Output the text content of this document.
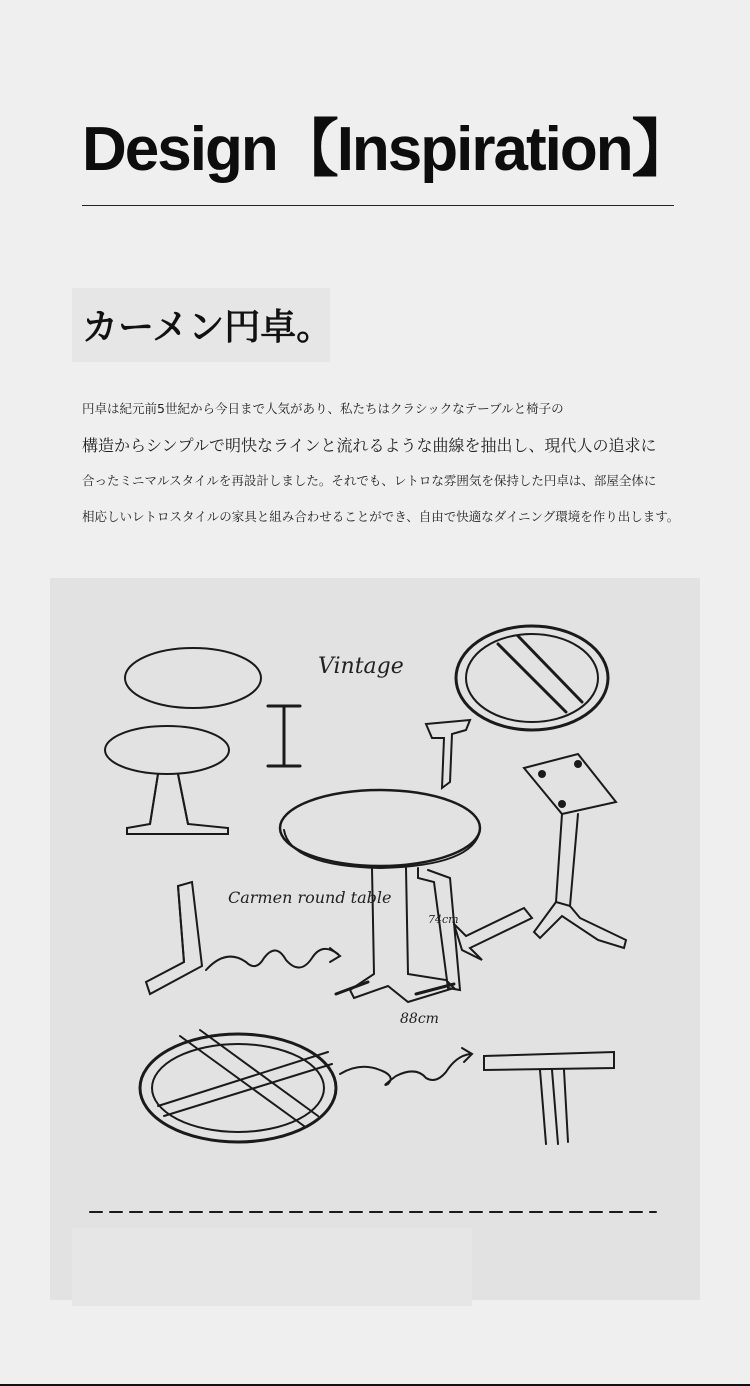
Design【Inspiration】
カーメン円卓。
円卓は紀元前5世紀から今日まで人気があり、私たちはクラシックなテーブルと椅子の
構造からシンプルで明快なラインと流れるような曲線を抽出し、現代人の追求に
合ったミニマルスタイルを再設計しました。それでも、レトロな雰囲気を保持した円卓は、部屋全体に
相応しいレトロスタイルの家具と組み合わせることができ、自由で快適なダイニング環境を作り出します。
Vintage
Carmen round table
74cm
88cm
